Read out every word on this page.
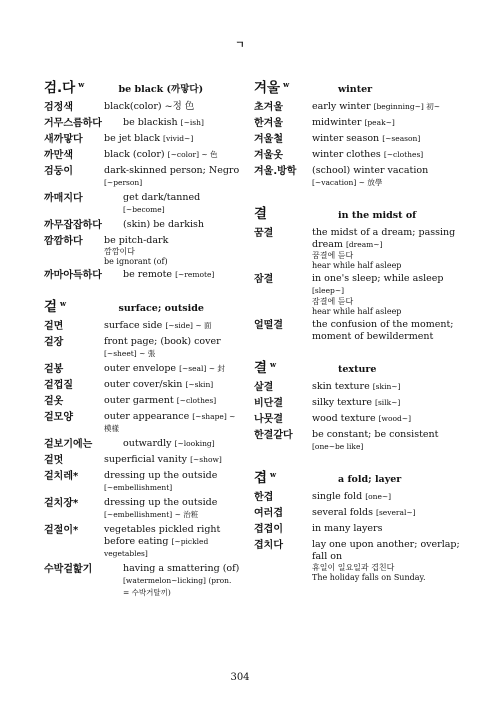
ㄱ
검.다 w	be black (까맣다)
검정색	black(color) ~정 色
거무스름하다	be blackish [~ish]
새까맣다	be jet black [vivid~]
까만색	black (color) [~color] ~ 色
검둥이	dark-skinned person; Negro [~person]
까매지다	get dark/tanned [~become]
까무잡잡하다	(skin) be darkish
깜깜하다	be pitch-dark
깜깜이다
be ignorant (of)
까마아득하다	be remote [~remote]
겉 w	surface; outside
겉면	surface side [~side] ~ 面
겉장	front page; (book) cover [~sheet] ~ 張
겉봉	outer envelope [~seal] ~ 封
겉껍질	outer cover/skin [~skin]
겉옷	outer garment [~clothes]
겉모양	outer appearance [~shape] ~ 模樣
겉보기에는	outwardly [~looking]
겉멋	superficial vanity [~show]
겉치레*	dressing up the outside [~embellishment]
겉치장*	dressing up the outside [~embellishment] ~ 治粧
겉절이*	vegetables pickled right before eating [~pickled vegetables]
수박겉핥기	having a smattering (of) [watermelon~licking] (pron. = 수박거탈끼)
겨울 w	winter
초겨울	early winter [beginning~] 初~
한겨울	midwinter [peak~]
겨울철	winter season [~season]
겨울옷	winter clothes [~clothes]
겨울.방학	(school) winter vacation [~vacation] ~ 放學
결	in the midst of
꿈결	the midst of a dream; passing dream [dream~]
꿈결에 듣다
hear while half asleep
잠결	in one's sleep; while asleep [sleep~]
잠결에 듣다
hear while half asleep
얼떨결	the confusion of the moment; moment of bewilderment
결 w	texture
살결	skin texture [skin~]
비단결	silky texture [silk~]
나뭇결	wood texture [wood~]
한결같다	be constant; be consistent [one~be like]
겹 w	a fold; layer
한겹	single fold [one~]
여러겹	several folds [several~]
겹겹이	in many layers
겹치다	lay one upon another; overlap; fall on
휴일이 일요일과 겹친다
The holiday falls on Sunday.
304
